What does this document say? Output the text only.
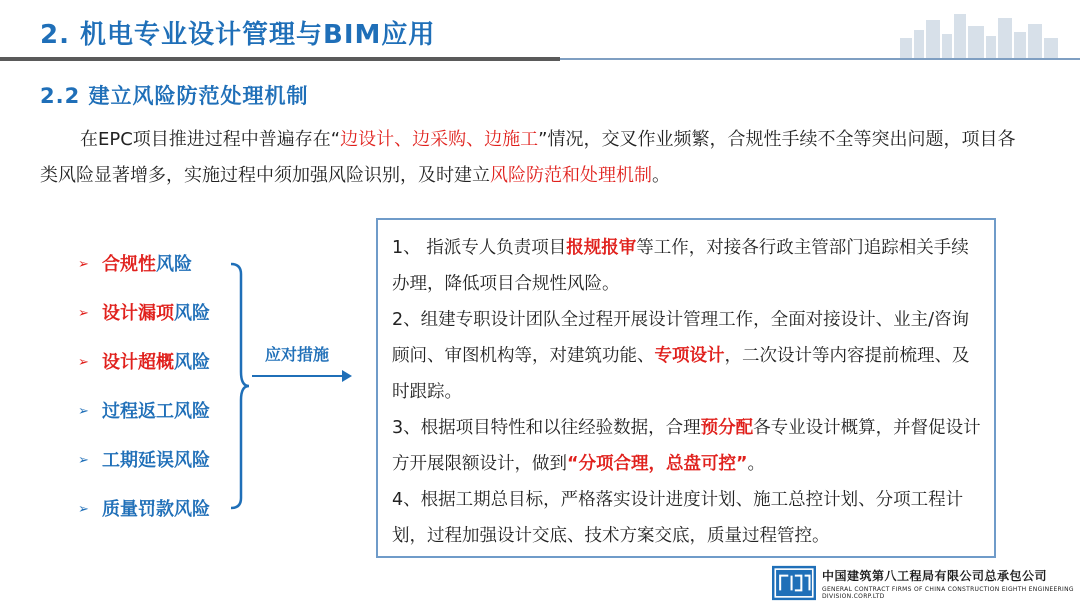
2. 机电专业设计管理与BIM应用
2.2 建立风险防范处理机制
在EPC项目推进过程中普遍存在“边设计、边采购、边施工”情况，交叉作业频繁，合规性手续不全等突出问题，项目各类风险显著增多，实施过程中须加强风险识别，及时建立风险防范和处理机制。
➢ 合规性 风险
➢ 设计漏项 风险
➢ 设计超概 风险
➢ 过程返工风险
➢ 工期延误风险
➢ 质量罚款风险
应对措施

1、 指派专人负责项目报规报审等工作，对接各行政主管部门追踪相关手续办理，降低项目合规性风险。

2、组建专职设计团队全过程开展设计管理工作，全面对接设计、业主/咨询顾问、审图机构等，对建筑功能、专项设计，二次设计等内容提前梳理、及时跟踪。

3、根据项目特性和以往经验数据，合理预分配各专业设计概算，并督促设计方开展限额设计，做到“分项合理，总盘可控”。

4、根据工期总目标，严格落实设计进度计划、施工总控计划、分项工程计划，过程加强设计交底、技术方案交底，质量过程管控。

中国建筑第八工程局有限公司总承包公司
GENERAL CONTRACT FIRMS OF CHINA CONSTRUCTION EIGHTH ENGINEERING DIVISION.CORP.LTD
